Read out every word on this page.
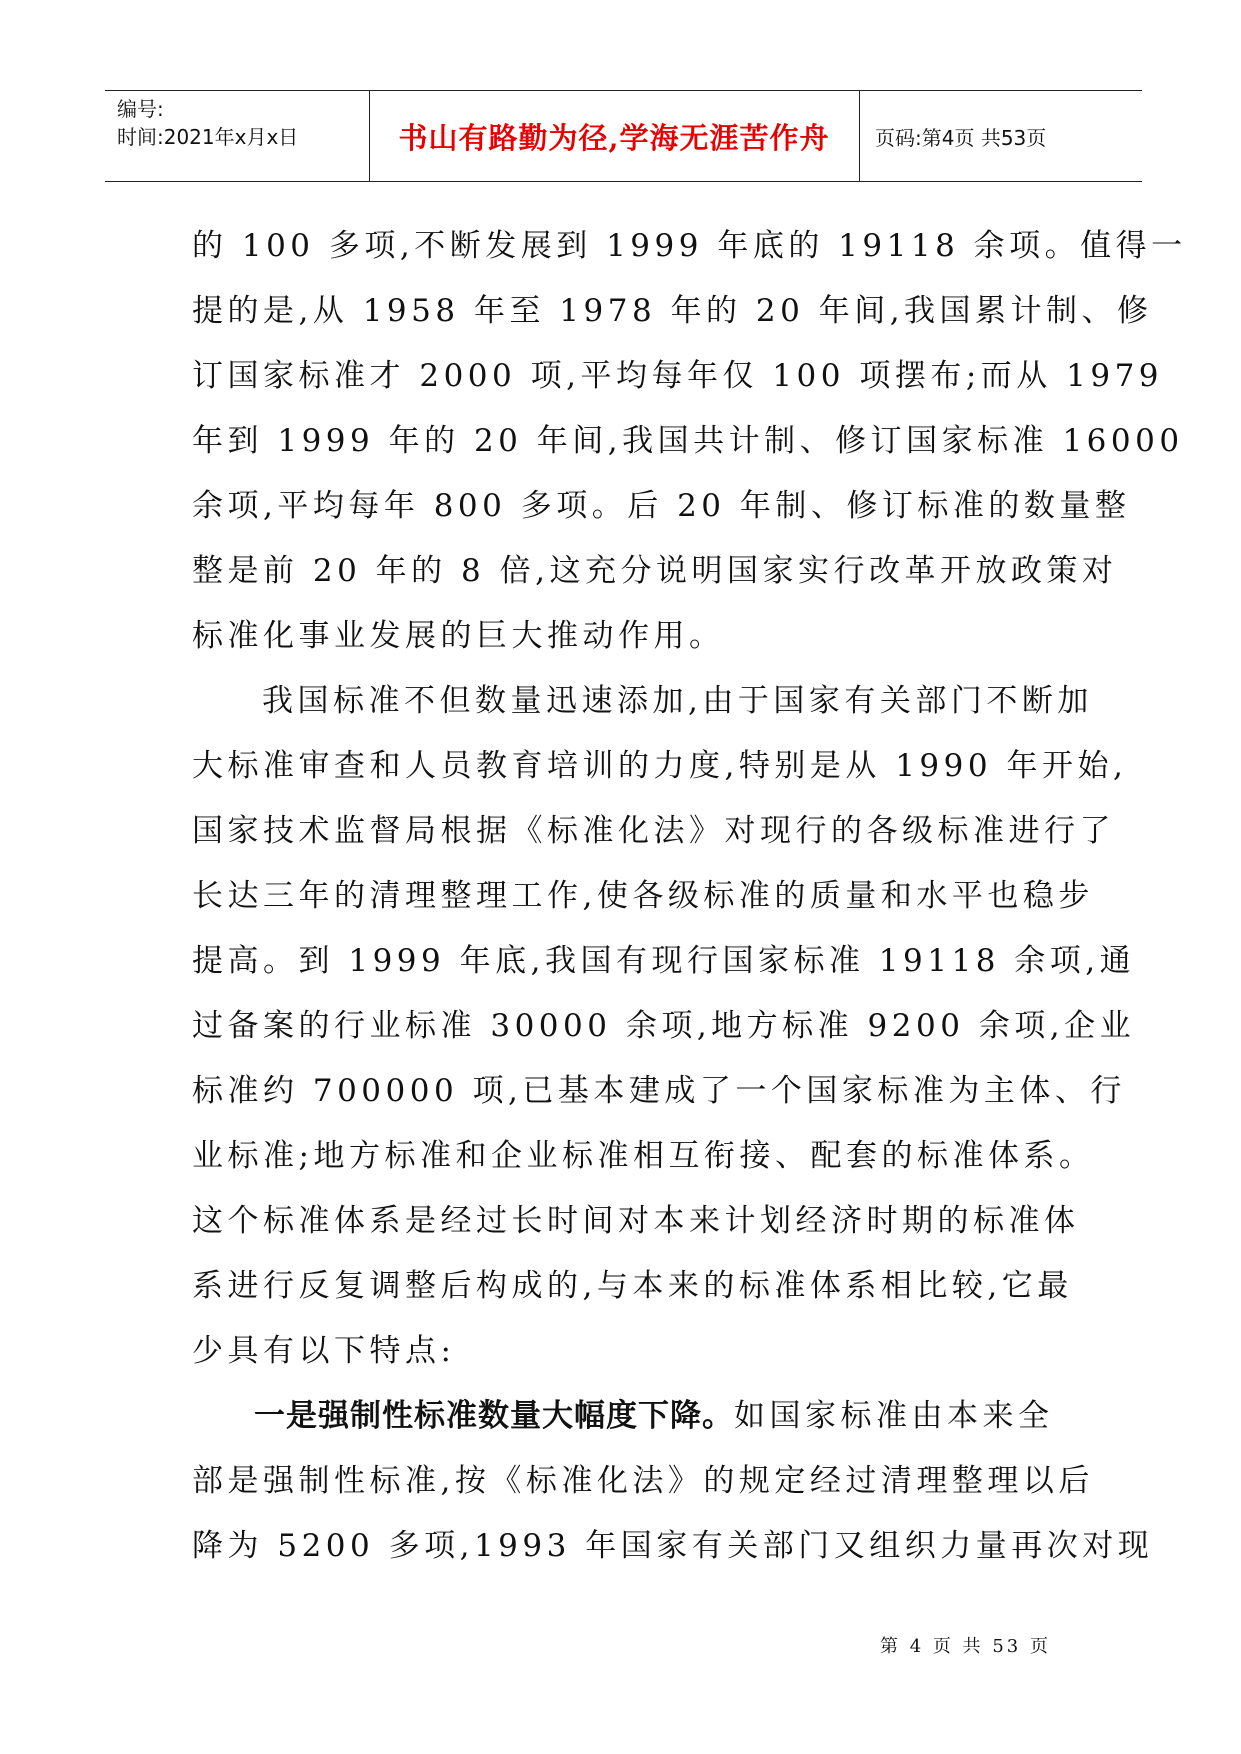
编号:
时间:2021年x月x日	书山有路勤为径,学海无涯苦作舟	页码:第4页 共53页
的 100 多项,不断发展到 1999 年底的 19118 余项。值得一
提的是,从 1958 年至 1978 年的 20 年间,我国累计制、修
订国家标准才 2000 项,平均每年仅 100 项摆布;而从 1979
年到 1999 年的 20 年间,我国共计制、修订国家标准 16000
余项,平均每年 800 多项。后 20 年制、修订标准的数量整
整是前 20 年的 8 倍,这充分说明国家实行改革开放政策对
标准化事业发展的巨大推动作用。
我国标准不但数量迅速添加,由于国家有关部门不断加
大标准审查和人员教育培训的力度,特别是从 1990 年开始,
国家技术监督局根据《标准化法》对现行的各级标准进行了
长达三年的清理整理工作,使各级标准的质量和水平也稳步
提高。到 1999 年底,我国有现行国家标准 19118 余项,通
过备案的行业标准 30000 余项,地方标准 9200 余项,企业
标准约 700000 项,已基本建成了一个国家标准为主体、行
业标准;地方标准和企业标准相互衔接、配套的标准体系。
这个标准体系是经过长时间对本来计划经济时期的标准体
系进行反复调整后构成的,与本来的标准体系相比较,它最
少具有以下特点:
一是强制性标准数量大幅度下降。如国家标准由本来全
部是强制性标准,按《标准化法》的规定经过清理整理以后
降为 5200 多项,1993 年国家有关部门又组织力量再次对现
第 4 页 共 53 页
